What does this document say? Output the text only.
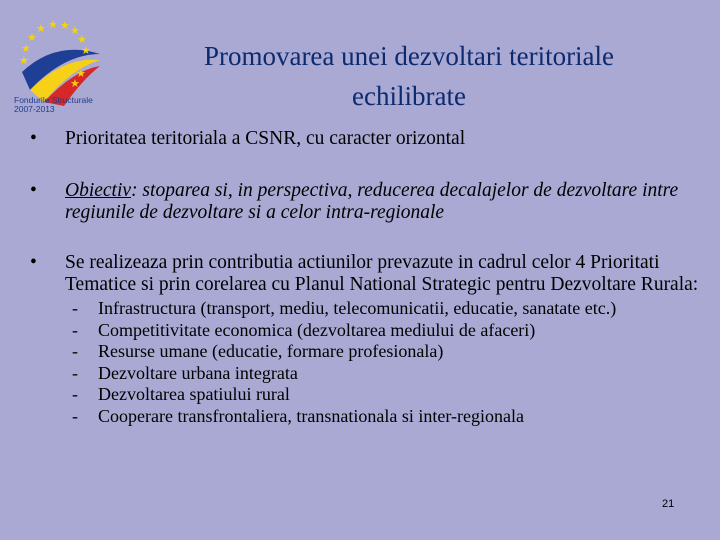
★ ★
★ ★
★	★
★	★
★	★
★
★
Fondurile Structurale
2007-2013
Promovarea unei dezvoltari teritoriale
echilibrate
• Prioritatea teritoriala a CSNR, cu caracter orizontal
• Obiectiv: stoparea si, in perspectiva, reducerea decalajelor de dezvoltare intre regiunile de dezvoltare si a celor intra-regionale
• Se realizeaza prin contributia actiunilor prevazute in cadrul celor 4 Prioritati Tematice si prin corelarea cu Planul National Strategic pentru Dezvoltare Rurala:
- Infrastructura (transport, mediu, telecomunicatii, educatie, sanatate etc.)
- Competitivitate economica (dezvoltarea mediului de afaceri)
- Resurse umane (educatie, formare profesionala)
- Dezvoltare urbana integrata
- Dezvoltarea spatiului rural
- Cooperare transfrontaliera, transnationala si inter-regionala
21
